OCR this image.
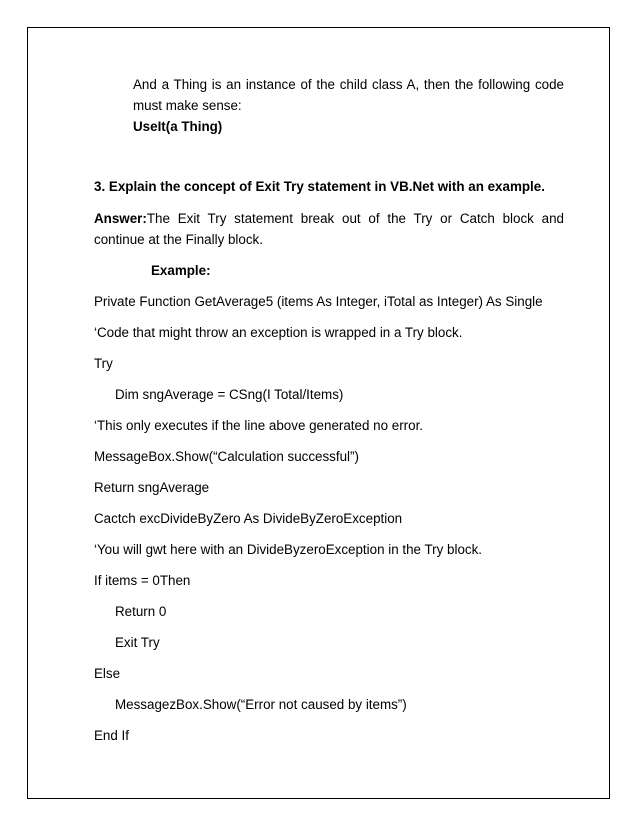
And a Thing is an instance of the child class A, then the following code
must make sense:
UseIt(a Thing)
3. Explain the concept of Exit Try statement in VB.Net with an example.
Answer: The Exit Try statement break out of the Try or Catch block and
continue at the Finally block.
Example:
Private Function GetAverage5 (items As Integer, iTotal as Integer) As Single
‘Code that might throw an exception is wrapped in a Try block.
Try
Dim sngAverage = CSng(I Total/Items)
‘This only executes if the line above generated no error.
MessageBox.Show(“Calculation successful”)
Return sngAverage
Cactch excDivideByZero As DivideByZeroException
‘You will gwt here with an DivideByzeroException in the Try block.
If items = 0Then
Return 0
Exit Try
Else
MessagezBox.Show(“Error not caused by items”)
End If
